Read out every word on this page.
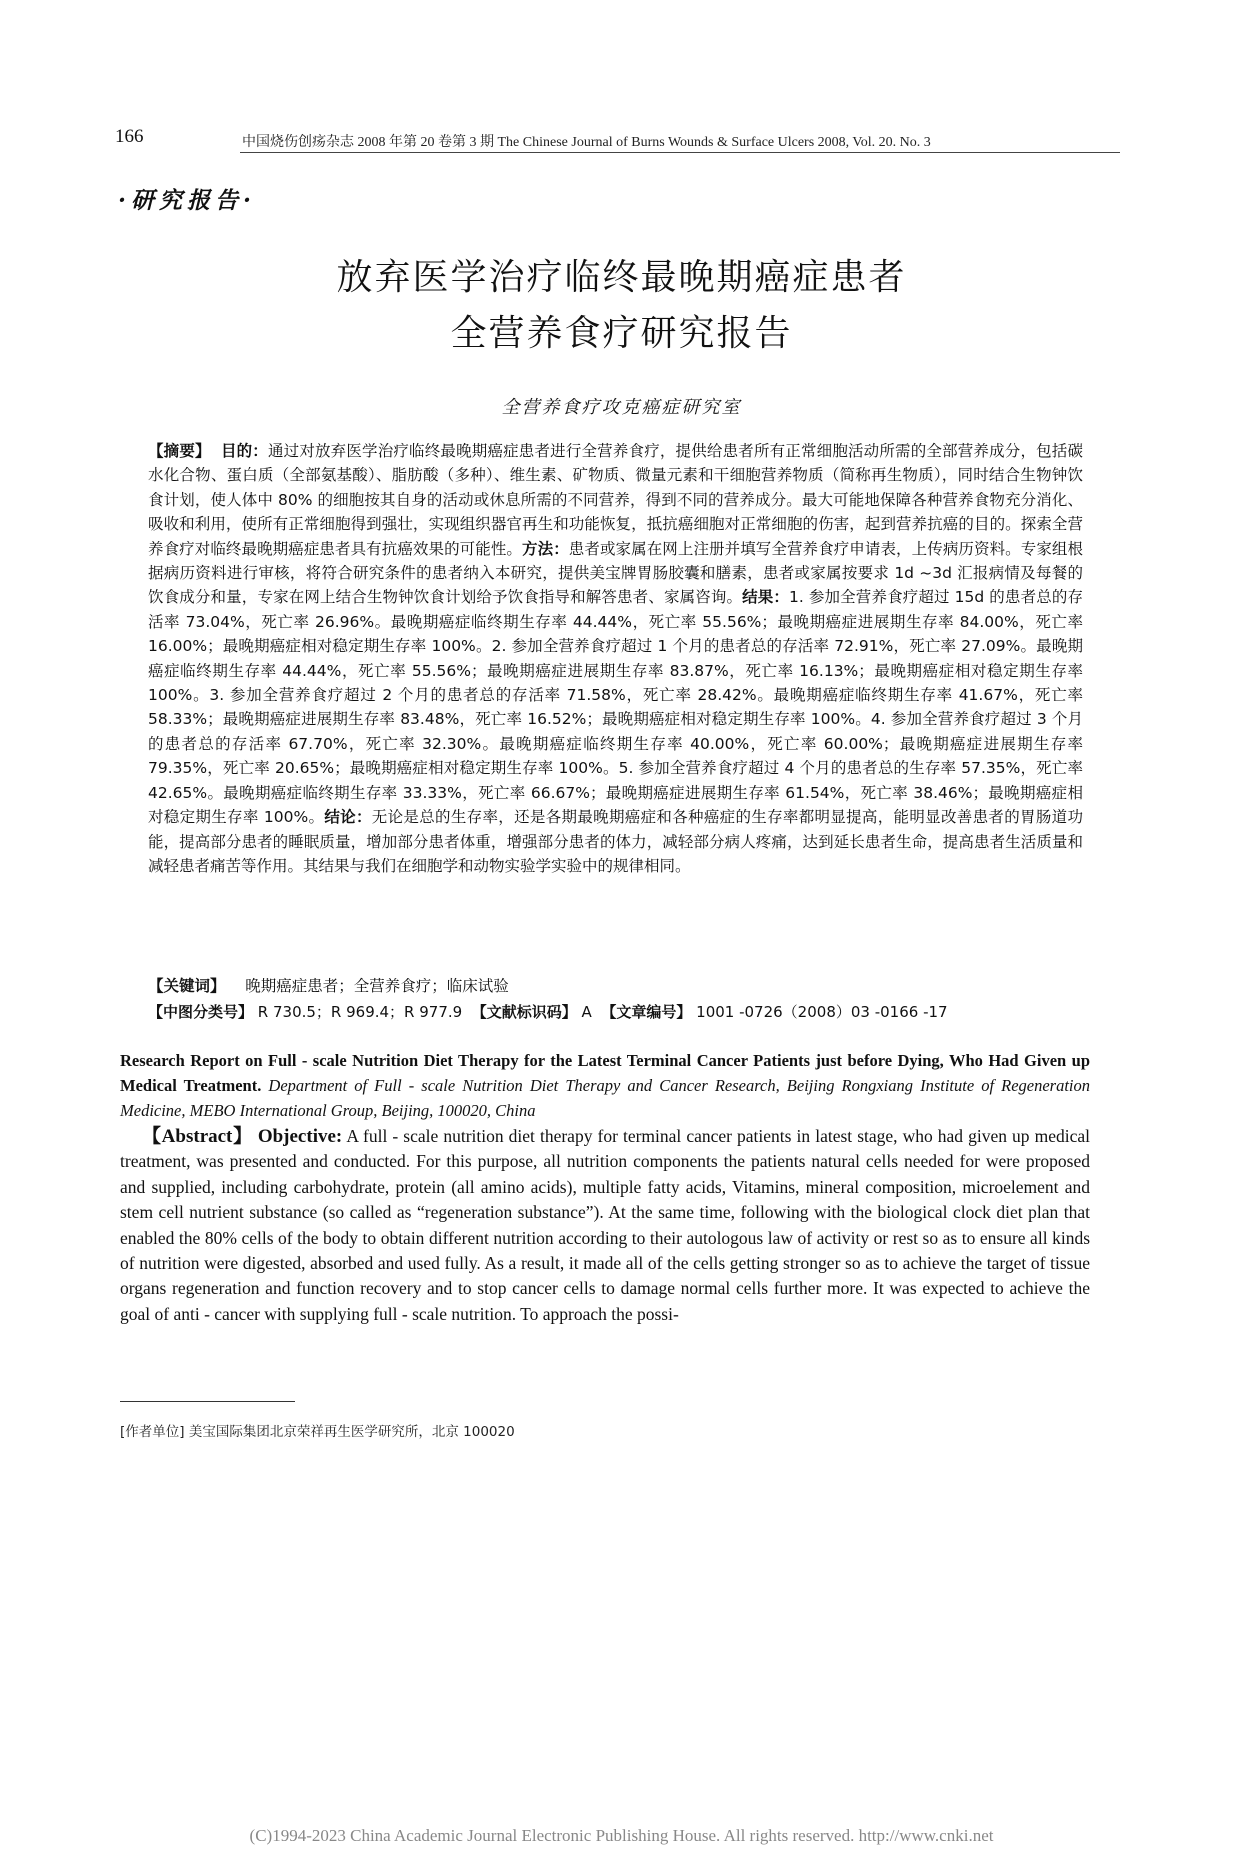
166	中国烧伤创疡杂志 2008 年第 20 卷第 3 期 The Chinese Journal of Burns Wounds & Surface Ulcers 2008, Vol. 20. No. 3
·研究报告·
放弃医学治疗临终最晚期癌症患者
全营养食疗研究报告
全营养食疗攻克癌症研究室
【摘要】 目的：通过对放弃医学治疗临终最晚期癌症患者进行全营养食疗，提供给患者所有正常细胞活动所需的全部营养成分，包括碳水化合物、蛋白质（全部氨基酸）、脂肪酸（多种）、维生素、矿物质、微量元素和干细胞营养物质（简称再生物质），同时结合生物钟饮食计划，使人体中 80% 的细胞按其自身的活动或休息所需的不同营养，得到不同的营养成分。最大可能地保障各种营养食物充分消化、吸收和利用，使所有正常细胞得到强壮，实现组织器官再生和功能恢复，抵抗癌细胞对正常细胞的伤害，起到营养抗癌的目的。探索全营养食疗对临终最晚期癌症患者具有抗癌效果的可能性。方法：患者或家属在网上注册并填写全营养食疗申请表，上传病历资料。专家组根据病历资料进行审核，将符合研究条件的患者纳入本研究，提供美宝牌胃肠胶囊和膳素，患者或家属按要求 1d ~3d 汇报病情及每餐的饮食成分和量，专家在网上结合生物钟饮食计划给予饮食指导和解答患者、家属咨询。结果：1. 参加全营养食疗超过 15d 的患者总的存活率 73.04%，死亡率 26.96%。最晚期癌症临终期生存率 44.44%，死亡率 55.56%；最晚期癌症进展期生存率 84.00%，死亡率 16.00%；最晚期癌症相对稳定期生存率 100%。2. 参加全营养食疗超过 1 个月的患者总的存活率 72.91%，死亡率 27.09%。最晚期癌症临终期生存率 44.44%，死亡率 55.56%；最晚期癌症进展期生存率 83.87%，死亡率 16.13%；最晚期癌症相对稳定期生存率 100%。3. 参加全营养食疗超过 2 个月的患者总的存活率 71.58%，死亡率 28.42%。最晚期癌症临终期生存率 41.67%，死亡率 58.33%；最晚期癌症进展期生存率 83.48%，死亡率 16.52%；最晚期癌症相对稳定期生存率 100%。4. 参加全营养食疗超过 3 个月的患者总的存活率 67.70%，死亡率 32.30%。最晚期癌症临终期生存率 40.00%，死亡率 60.00%；最晚期癌症进展期生存率 79.35%，死亡率 20.65%；最晚期癌症相对稳定期生存率 100%。5. 参加全营养食疗超过 4 个月的患者总的生存率 57.35%，死亡率 42.65%。最晚期癌症临终期生存率 33.33%，死亡率 66.67%；最晚期癌症进展期生存率 61.54%，死亡率 38.46%；最晚期癌症相对稳定期生存率 100%。结论：无论是总的生存率，还是各期最晚期癌症和各种癌症的生存率都明显提高，能明显改善患者的胃肠道功能，提高部分患者的睡眠质量，增加部分患者体重，增强部分患者的体力，减轻部分病人疼痛，达到延长患者生命，提高患者生活质量和减轻患者痛苦等作用。其结果与我们在细胞学和动物实验学实验中的规律相同。
【关键词】 晚期癌症患者；全营养食疗；临床试验
【中图分类号】 R 730.5；R 969.4；R 977.9 【文献标识码】 A 【文章编号】 1001 -0726（2008）03 -0166 -17
Research Report on Full - scale Nutrition Diet Therapy for the Latest Terminal Cancer Patients just before Dying, Who Had Given up Medical Treatment. Department of Full - scale Nutrition Diet Therapy and Cancer Research, Beijing Rongxiang Institute of Regeneration Medicine, MEBO International Group, Beijing, 100020, China
【Abstract】 Objective: A full - scale nutrition diet therapy for terminal cancer patients in latest stage, who had given up medical treatment, was presented and conducted. For this purpose, all nutrition components the patients natural cells needed for were proposed and supplied, including carbohydrate, protein (all amino acids), multiple fatty acids, Vitamins, mineral composition, microelement and stem cell nutrient substance (so called as “regeneration substance”). At the same time, following with the biological clock diet plan that enabled the 80% cells of the body to obtain different nutrition according to their autologous law of activity or rest so as to ensure all kinds of nutrition were digested, absorbed and used fully. As a result, it made all of the cells getting stronger so as to achieve the target of tissue organs regeneration and function recovery and to stop cancer cells to damage normal cells further more. It was expected to achieve the goal of anti - cancer with supplying full - scale nutrition. To approach the possi-
[作者单位] 美宝国际集团北京荣祥再生医学研究所，北京 100020
(C)1994-2023 China Academic Journal Electronic Publishing House. All rights reserved. http://www.cnki.net
